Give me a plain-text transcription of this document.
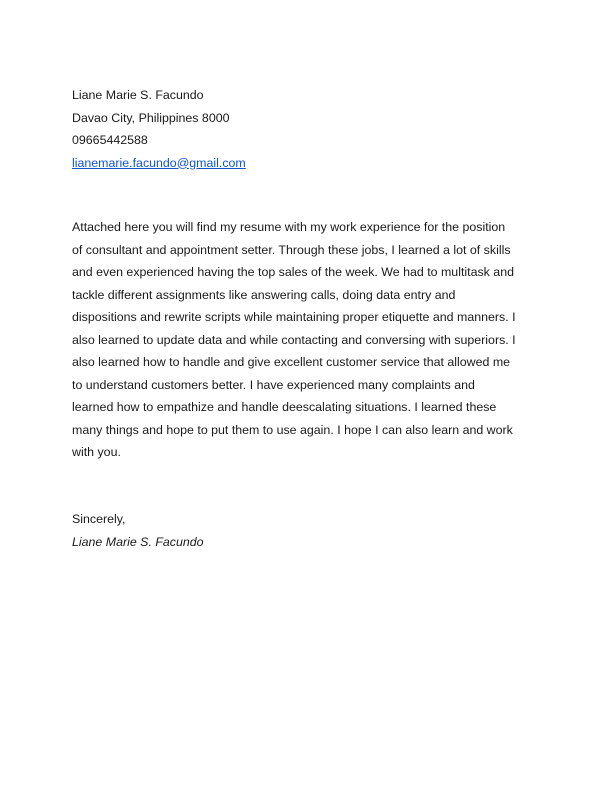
Liane Marie S. Facundo
Davao City, Philippines 8000
09665442588
lianemarie.facundo@gmail.com
Attached here you will find my resume with my work experience for the position
of consultant and appointment setter. Through these jobs, I learned a lot of skills
and even experienced having the top sales of the week. We had to multitask and
tackle different assignments like answering calls, doing data entry and
dispositions and rewrite scripts while maintaining proper etiquette and manners. I
also learned to update data and while contacting and conversing with superiors. I
also learned how to handle and give excellent customer service that allowed me
to understand customers better. I have experienced many complaints and
learned how to empathize and handle deescalating situations. I learned these
many things and hope to put them to use again. I hope I can also learn and work
with you.
Sincerely,
Liane Marie S. Facundo
